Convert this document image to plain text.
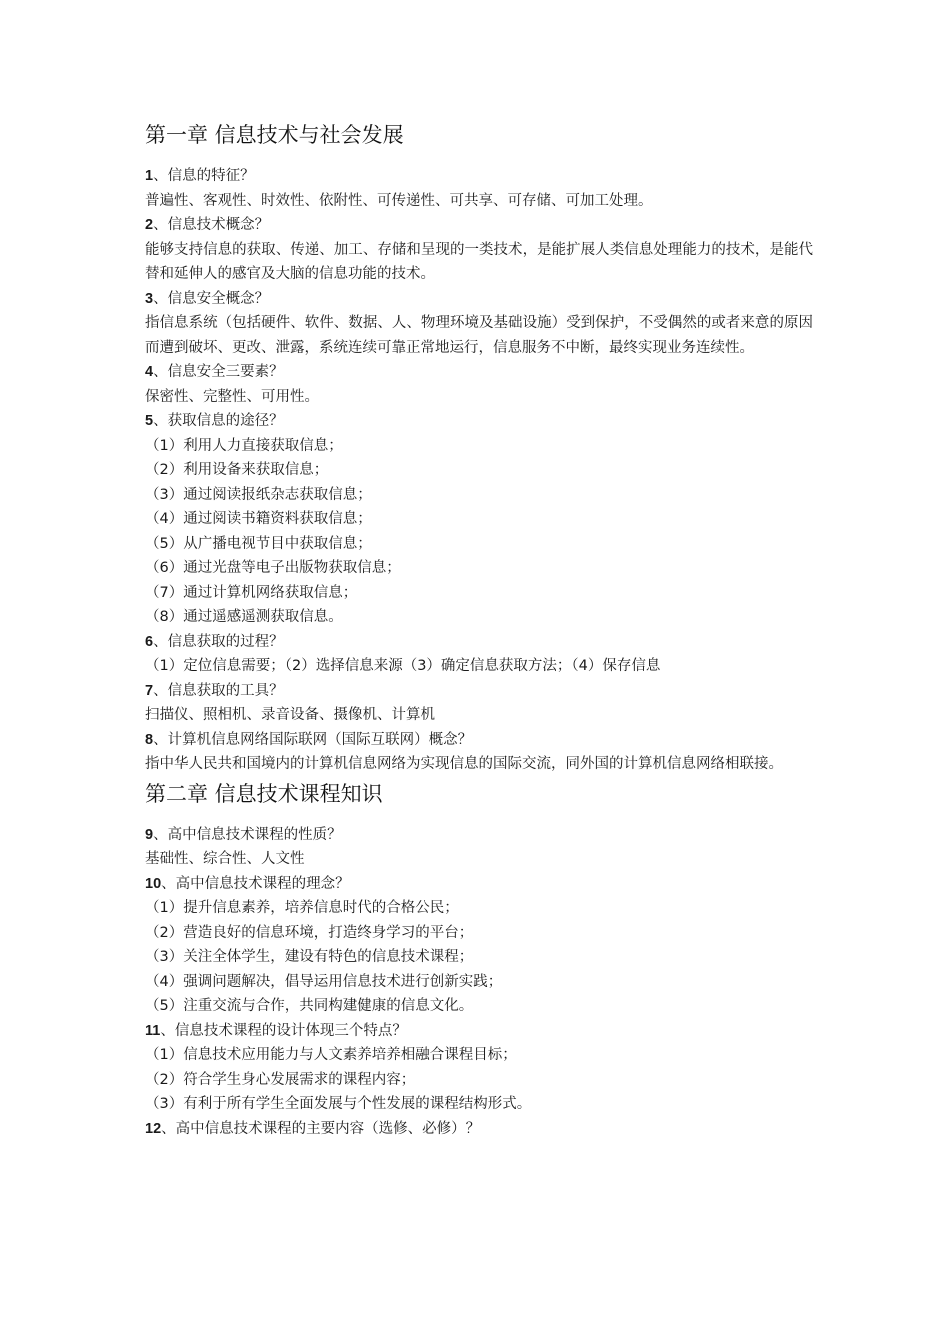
第一章 信息技术与社会发展

1、信息的特征？

普遍性、客观性、时效性、依附性、可传递性、可共享、可存储、可加工处理。

2、信息技术概念？

能够支持信息的获取、传递、加工、存储和呈现的一类技术，是能扩展人类信息处理能力的技术，是能代替和延伸人的感官及大脑的信息功能的技术。

3、信息安全概念？

指信息系统（包括硬件、软件、数据、人、物理环境及基础设施）受到保护，不受偶然的或者来意的原因而遭到破坏、更改、泄露，系统连续可靠正常地运行，信息服务不中断，最终实现业务连续性。

4、信息安全三要素？

保密性、完整性、可用性。

5、获取信息的途径？

（1）利用人力直接获取信息；

（2）利用设备来获取信息；

（3）通过阅读报纸杂志获取信息；

（4）通过阅读书籍资料获取信息；

（5）从广播电视节目中获取信息；

（6）通过光盘等电子出版物获取信息；

（7）通过计算机网络获取信息；

（8）通过遥感遥测获取信息。

6、信息获取的过程？

（1）定位信息需要；（2）选择信息来源（3）确定信息获取方法；（4）保存信息

7、信息获取的工具？

扫描仪、照相机、录音设备、摄像机、计算机

8、计算机信息网络国际联网（国际互联网）概念？

指中华人民共和国境内的计算机信息网络为实现信息的国际交流，同外国的计算机信息网络相联接。

第二章 信息技术课程知识

9、高中信息技术课程的性质？

基础性、综合性、人文性

10、高中信息技术课程的理念？

（1）提升信息素养，培养信息时代的合格公民；

（2）营造良好的信息环境，打造终身学习的平台；

（3）关注全体学生，建设有特色的信息技术课程；

（4）强调问题解决，倡导运用信息技术进行创新实践；

（5）注重交流与合作，共同构建健康的信息文化。

11、信息技术课程的设计体现三个特点？

（1）信息技术应用能力与人文素养培养相融合课程目标；

（2）符合学生身心发展需求的课程内容；

（3）有利于所有学生全面发展与个性发展的课程结构形式。

12、高中信息技术课程的主要内容（选修、必修）？
